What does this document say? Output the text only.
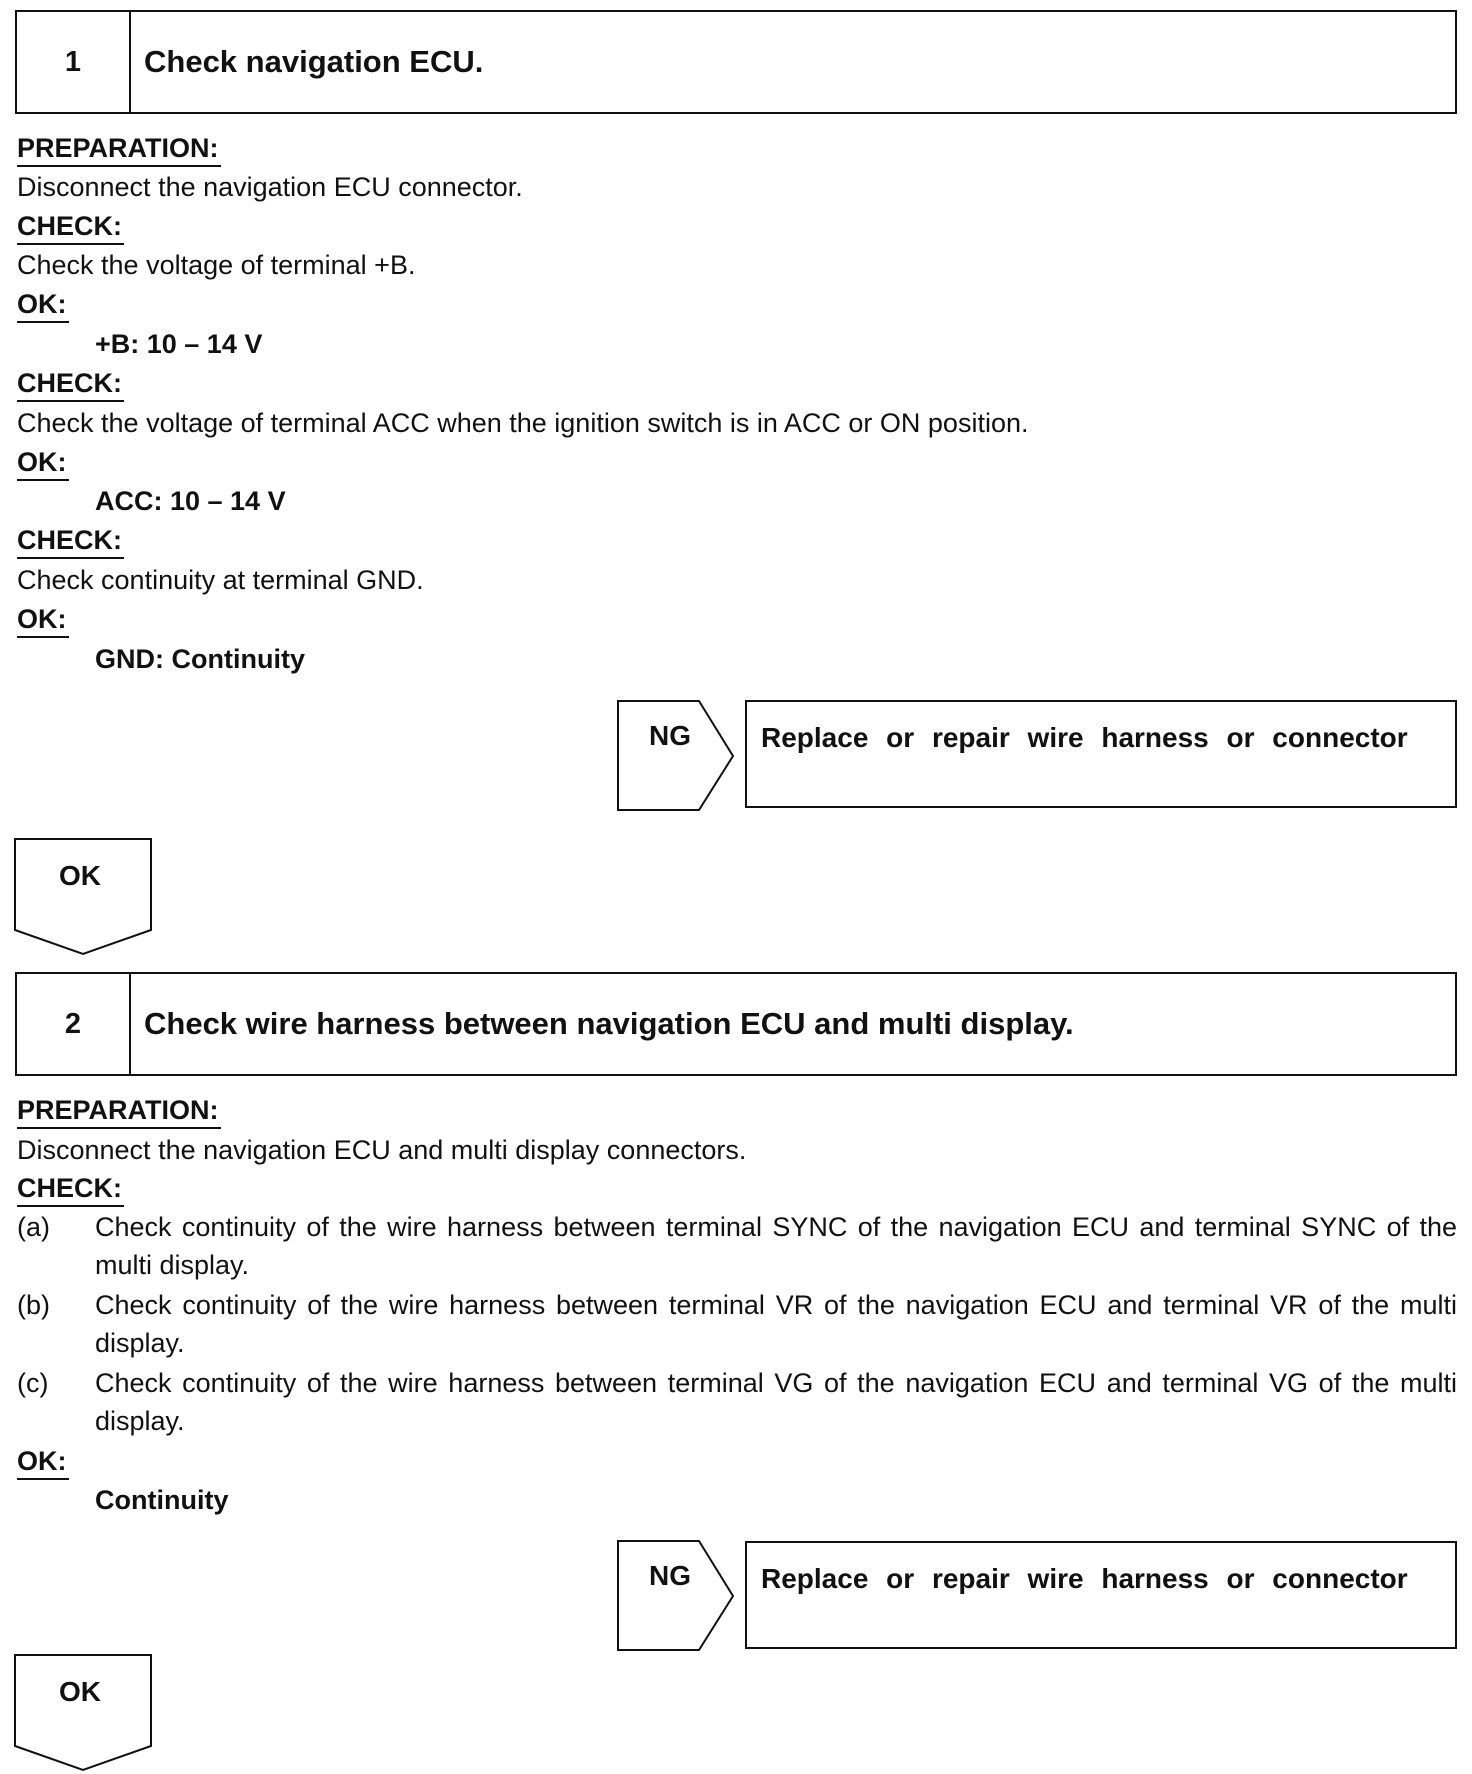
1	Check navigation ECU.
PREPARATION:
Disconnect the navigation ECU connector.
CHECK:
Check the voltage of terminal +B.
OK:
+B: 10 – 14 V
CHECK:
Check the voltage of terminal ACC when the ignition switch is in ACC or ON position.
OK:
ACC: 10 – 14 V
CHECK:
Check continuity at terminal GND.
OK:
GND: Continuity
NG	Replace or repair wire harness or connector
OK
2	Check wire harness between navigation ECU and multi display.
PREPARATION:
Disconnect the navigation ECU and multi display connectors.
CHECK:
(a) Check continuity of the wire harness between terminal SYNC of the navigation ECU and terminal SYNC of the multi display.
(b) Check continuity of the wire harness between terminal VR of the navigation ECU and terminal VR of the multi display.
(c) Check continuity of the wire harness between terminal VG of the navigation ECU and terminal VG of the multi display.
OK:
Continuity
NG	Replace or repair wire harness or connector
OK
